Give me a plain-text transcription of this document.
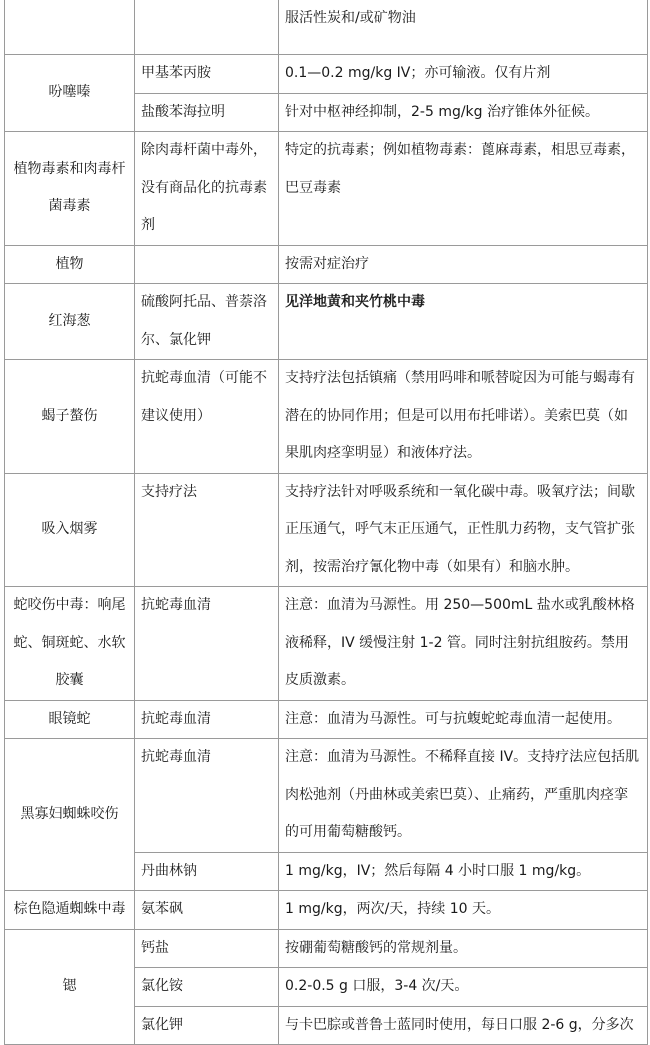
		服活性炭和/或矿物油
吩噻嗪	甲基苯丙胺	0.1—0.2 mg/kg IV；亦可输液。仅有片剂
	盐酸苯海拉明	针对中枢神经抑制，2-5 mg/kg 治疗锥体外征候。
植物毒素和肉毒杆菌毒素	除肉毒杆菌中毒外，没有商品化的抗毒素剂	特定的抗毒素；例如植物毒素：蓖麻毒素，相思豆毒素，巴豆毒素
植物		按需对症治疗
红海葱	硫酸阿托品、普萘洛尔、氯化钾	见洋地黄和夹竹桃中毒
蝎子螯伤	抗蛇毒血清（可能不建议使用）	支持疗法包括镇痛（禁用吗啡和哌替啶因为可能与蝎毒有潜在的协同作用；但是可以用布托啡诺）。美索巴莫（如果肌肉痉挛明显）和液体疗法。
吸入烟雾	支持疗法	支持疗法针对呼吸系统和一氧化碳中毒。吸氧疗法；间歇正压通气，呼气末正压通气，正性肌力药物，支气管扩张剂，按需治疗氰化物中毒（如果有）和脑水肿。
蛇咬伤中毒：响尾蛇、铜斑蛇、水软胶囊	抗蛇毒血清	注意：血清为马源性。用 250—500mL 盐水或乳酸林格液稀释，IV 缓慢注射 1-2 管。同时注射抗组胺药。禁用皮质激素。
眼镜蛇	抗蛇毒血清	注意：血清为马源性。可与抗蝮蛇蛇毒血清一起使用。
黑寡妇蜘蛛咬伤	抗蛇毒血清	注意：血清为马源性。不稀释直接 IV。支持疗法应包括肌肉松弛剂（丹曲林或美索巴莫）、止痛药，严重肌肉痉挛的可用葡萄糖酸钙。
	丹曲林钠	1 mg/kg，IV；然后每隔 4 小时口服 1 mg/kg。
棕色隐遁蜘蛛中毒	氨苯砜	1 mg/kg，两次/天，持续 10 天。
锶	钙盐	按硼葡萄糖酸钙的常规剂量。
	氯化铵	0.2-0.5 g 口服，3-4 次/天。
	氯化钾	与卡巴腙或普鲁士蓝同时使用，每日口服 2-6 g，分多次
